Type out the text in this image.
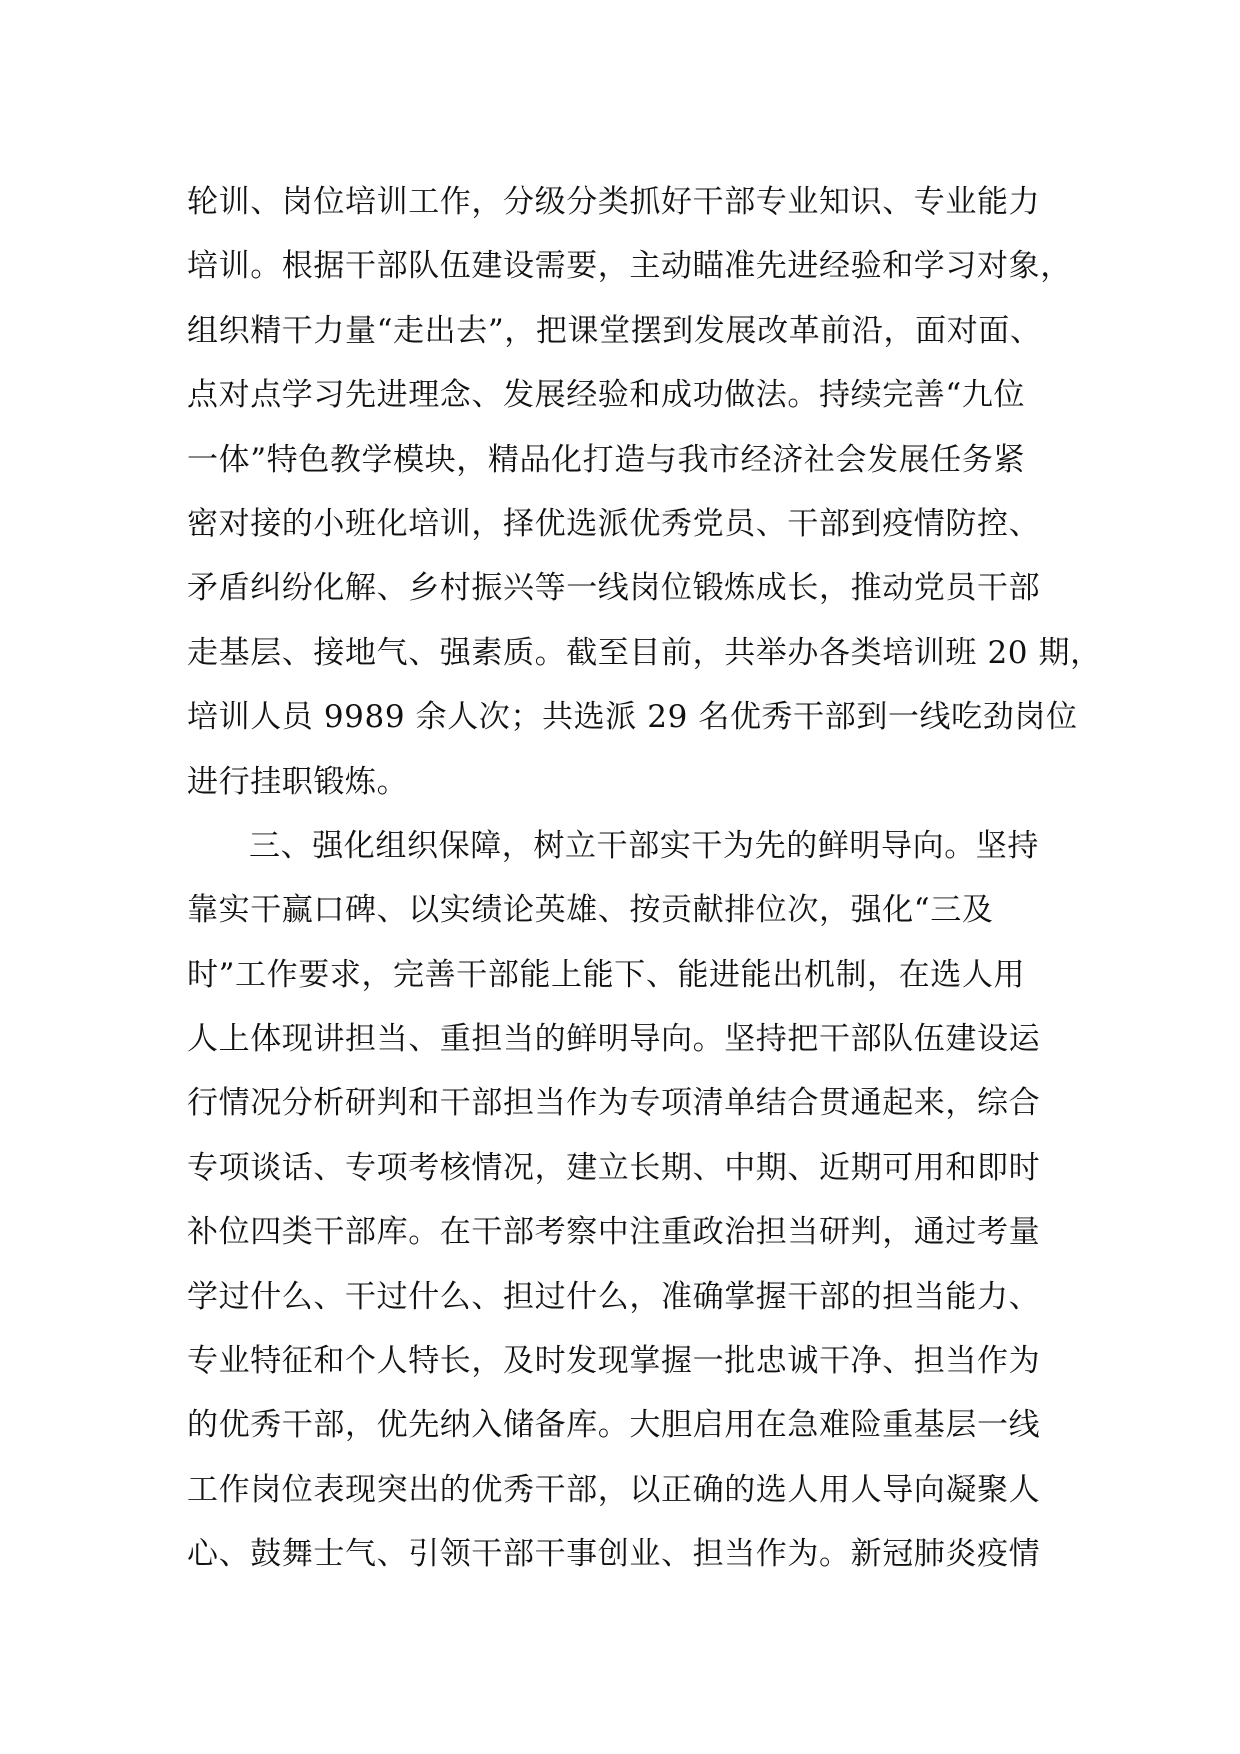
轮训、岗位培训工作，分级分类抓好干部专业知识、专业能力
培训。根据干部队伍建设需要，主动瞄准先进经验和学习对象，
组织精干力量“走出去”，把课堂摆到发展改革前沿，面对面、
点对点学习先进理念、发展经验和成功做法。持续完善“九位
一体”特色教学模块，精品化打造与我市经济社会发展任务紧
密对接的小班化培训，择优选派优秀党员、干部到疫情防控、
矛盾纠纷化解、乡村振兴等一线岗位锻炼成长，推动党员干部
走基层、接地气、强素质。截至目前，共举办各类培训班 20 期，
培训人员 9989 余人次；共选派 29 名优秀干部到一线吃劲岗位
进行挂职锻炼。
三、强化组织保障，树立干部实干为先的鲜明导向。坚持
靠实干赢口碑、以实绩论英雄、按贡献排位次，强化“三及
时”工作要求，完善干部能上能下、能进能出机制，在选人用
人上体现讲担当、重担当的鲜明导向。坚持把干部队伍建设运
行情况分析研判和干部担当作为专项清单结合贯通起来，综合
专项谈话、专项考核情况，建立长期、中期、近期可用和即时
补位四类干部库。在干部考察中注重政治担当研判，通过考量
学过什么、干过什么、担过什么，准确掌握干部的担当能力、
专业特征和个人特长，及时发现掌握一批忠诚干净、担当作为
的优秀干部，优先纳入储备库。大胆启用在急难险重基层一线
工作岗位表现突出的优秀干部，以正确的选人用人导向凝聚人
心、鼓舞士气、引领干部干事创业、担当作为。新冠肺炎疫情
